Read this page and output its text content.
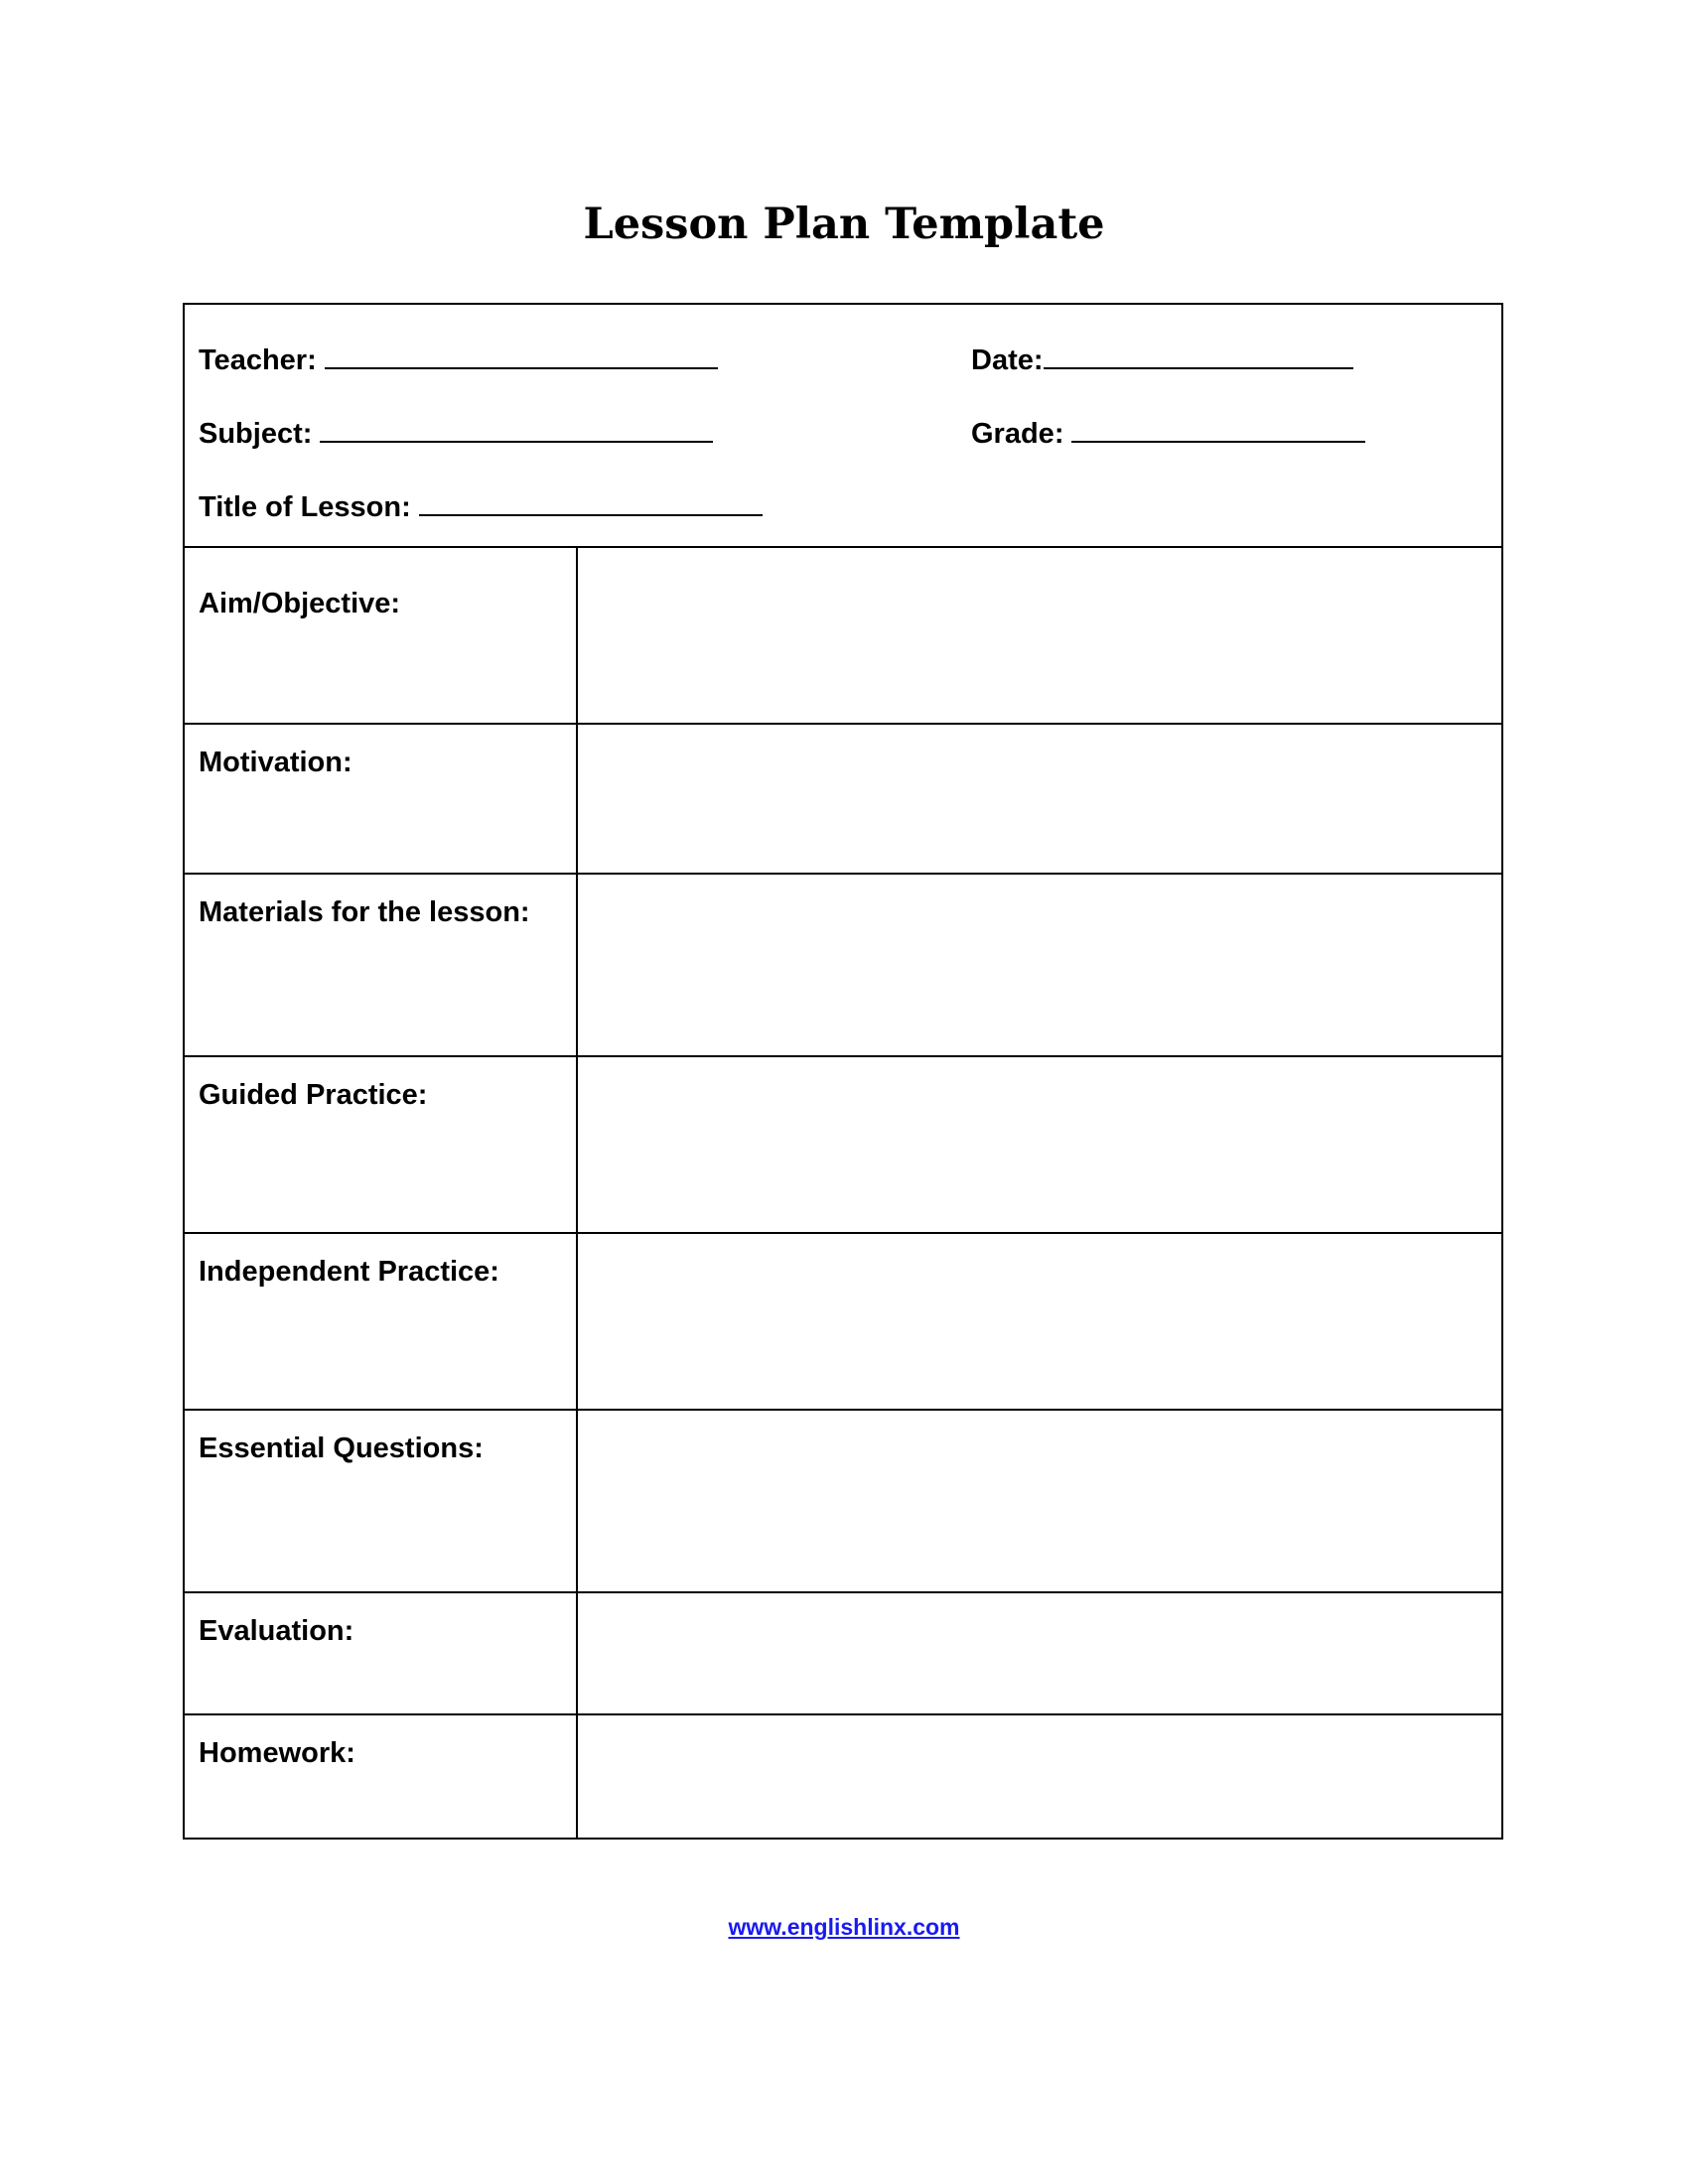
Lesson Plan Template
Teacher:	Date:
Subject:	Grade:
Title of Lesson:
Aim/Objective:
Motivation:
Materials for the lesson:
Guided Practice:
Independent Practice:
Essential Questions:
Evaluation:
Homework:
www.englishlinx.com
